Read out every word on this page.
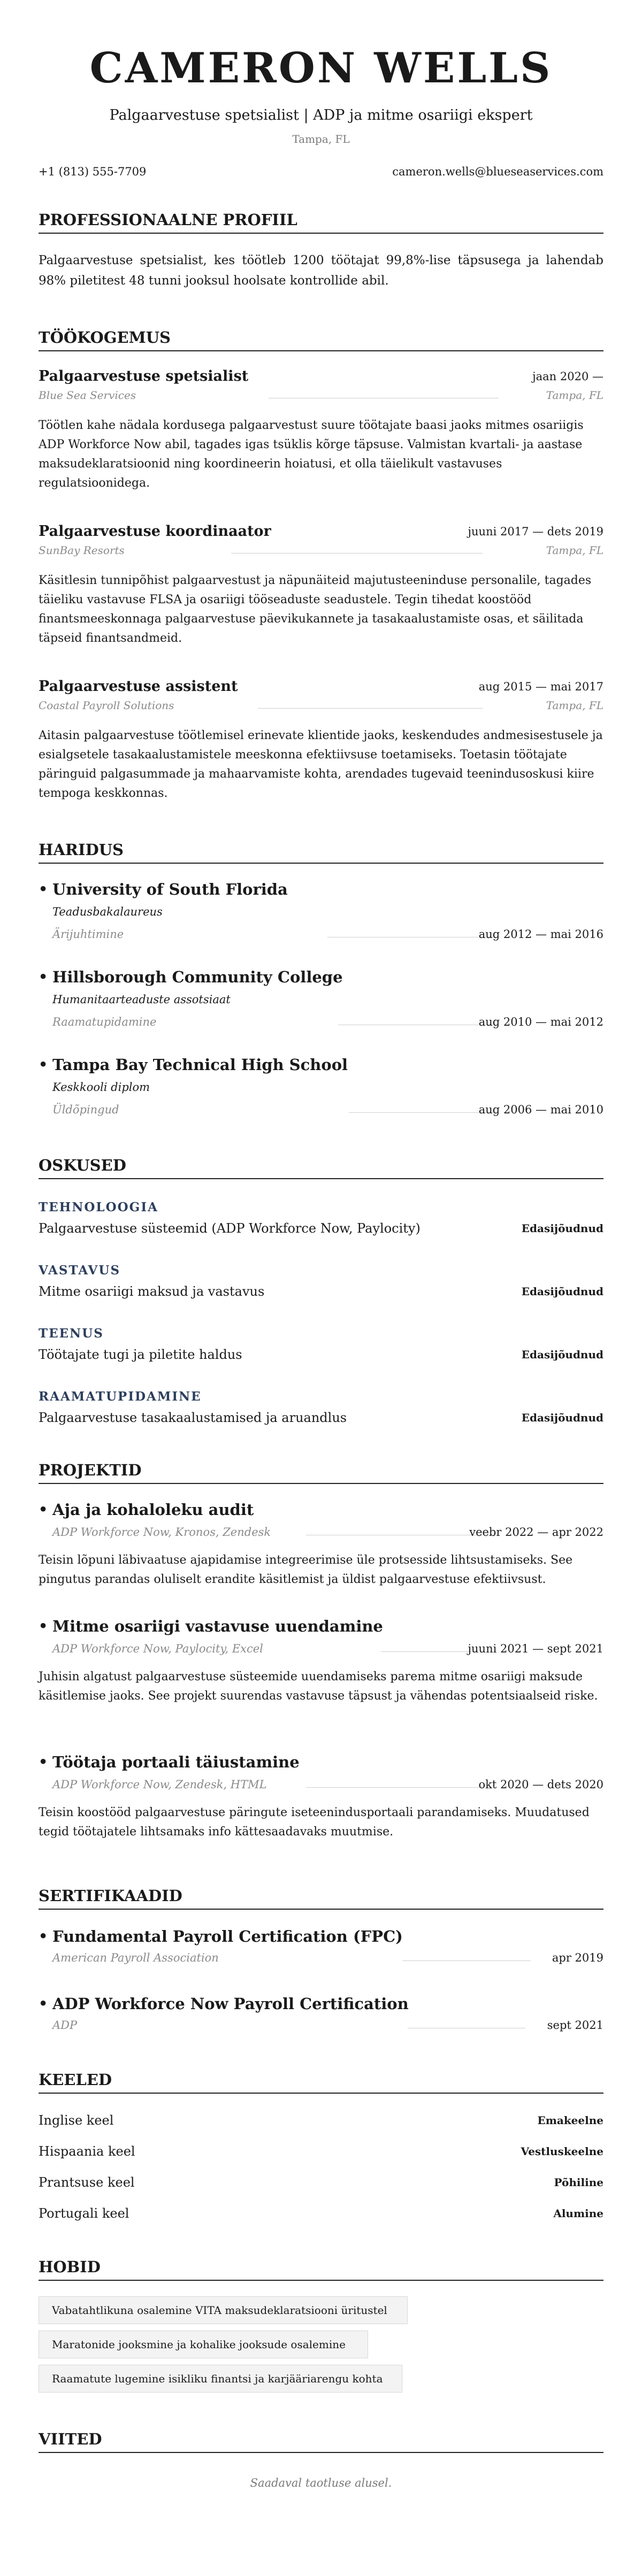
CAMERON WELLS
Palgaarvestuse spetsialist | ADP ja mitme osariigi ekspert
Tampa, FL
+1 (813) 555-7709	cameron.wells@blueseaservices.com
PROFESSIONAALNE PROFIIL

Palgaarvestuse spetsialist, kes töötleb 1200 töötajat 99,8%-lise täpsusega ja lahendab 98% piletitest 48 tunni jooksul hoolsate kontrollide abil.

TÖÖKOGEMUS
Palgaarvestuse spetsialist	jaan 2020 —
Blue Sea Services	Tampa, FL

Töötlen kahe nädala kordusega palgaarvestust suure töötajate baasi jaoks mitmes osariigis ADP Workforce Now abil, tagades igas tsüklis kõrge täpsuse. Valmistan kvartali- ja aastase maksudeklaratsioonid ning koordineerin hoiatusi, et olla täielikult vastavuses regulatsioonidega.

Palgaarvestuse koordinaator	juuni 2017 — dets 2019
SunBay Resorts	Tampa, FL

Käsitlesin tunnipõhist palgaarvestust ja näpunäiteid majutusteeninduse personalile, tagades täieliku vastavuse FLSA ja osariigi tööseaduste seadustele. Tegin tihedat koostööd finantsmeeskonnaga palgaarvestuse päevikukannete ja tasakaalustamiste osas, et säilitada täpseid finantsandmeid.

Palgaarvestuse assistent	aug 2015 — mai 2017
Coastal Payroll Solutions	Tampa, FL

Aitasin palgaarvestuse töötlemisel erinevate klientide jaoks, keskendudes andmesisestusele ja esialgsetele tasakaalustamistele meeskonna efektiivsuse toetamiseks. Toetasin töötajate päringuid palgasummade ja mahaarvamiste kohta, arendades tugevaid teenindusoskusi kiire tempoga keskkonnas.

HARIDUS
• University of South Florida
Teadusbakalaureus
Ärijuhtimine	aug 2012 — mai 2016
• Hillsborough Community College
Humanitaarteaduste assotsiaat
Raamatupidamine	aug 2010 — mai 2012
• Tampa Bay Technical High School
Keskkooli diplom
Üldõpingud	aug 2006 — mai 2010
OSKUSED
TEHNOLOOGIA
Palgaarvestuse süsteemid (ADP Workforce Now, Paylocity)	Edasijõudnud
VASTAVUS
Mitme osariigi maksud ja vastavus	Edasijõudnud
TEENUS
Töötajate tugi ja piletite haldus	Edasijõudnud
RAAMATUPIDAMINE
Palgaarvestuse tasakaalustamised ja aruandlus	Edasijõudnud
PROJEKTID
• Aja ja kohaloleku audit
ADP Workforce Now, Kronos, Zendesk	veebr 2022 — apr 2022

Teisin lõpuni läbivaatuse ajapidamise integreerimise üle protsesside lihtsustamiseks. See pingutus parandas oluliselt erandite käsitlemist ja üldist palgaarvestuse efektiivsust.

• Mitme osariigi vastavuse uuendamine
ADP Workforce Now, Paylocity, Excel	juuni 2021 — sept 2021

Juhisin algatust palgaarvestuse süsteemide uuendamiseks parema mitme osariigi maksude käsitlemise jaoks. See projekt suurendas vastavuse täpsust ja vähendas potentsiaalseid riske.

• Töötaja portaali täiustamine
ADP Workforce Now, Zendesk, HTML	okt 2020 — dets 2020

Teisin koostööd palgaarvestuse päringute iseteenindusportaali parandamiseks. Muudatused tegid töötajatele lihtsamaks info kättesaadavaks muutmise.

SERTIFIKAADID
• Fundamental Payroll Certification (FPC)
American Payroll Association	apr 2019
• ADP Workforce Now Payroll Certification
ADP	sept 2021
KEELED
Inglise keel	Emakeelne
Hispaania keel	Vestluskeelne
Prantsuse keel	Põhiline
Portugali keel	Alumine
HOBID
Vabatahtlikuna osalemine VITA maksudeklaratsiooni üritustel
Maratonide jooksmine ja kohalike jooksude osalemine
Raamatute lugemine isikliku finantsi ja karjääriarengu kohta
VIITED
Saadaval taotluse alusel.
